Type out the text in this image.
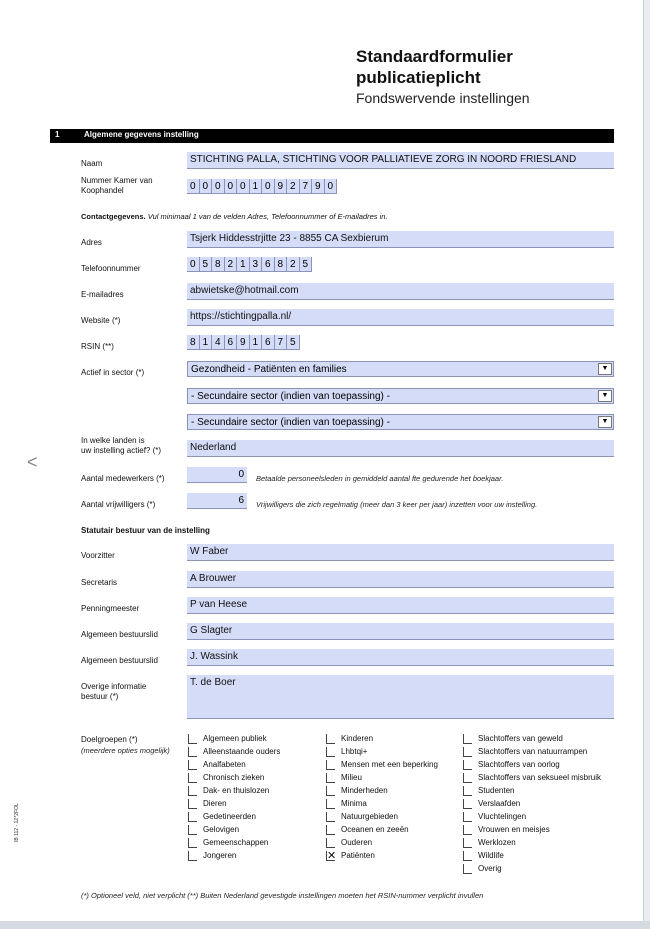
Standaardformulier
publicatieplicht
Fondswervende instellingen
1	Algemene gegevens instelling
Naam	STICHTING PALLA, STICHTING VOOR PALLIATIEVE ZORG IN NOORD FRIESLAND
Nummer Kamer van
Koophandel	0 0 0 0 0 1 0 9 2 7 9 0
Contactgegevens. Vul minimaal 1 van de velden Adres, Telefoonnummer of E-mailadres in.
Adres	Tsjerk Hiddesstrjitte 23 - 8855 CA Sexbierum
Telefoonnummer	0 5 8 2 1 3 6 8 2 5
E-mailadres	abwietske@hotmail.com
Website (*)	https://stichtingpalla.nl/
RSIN (**)	8 1 4 6 9 1 6 7 5
Actief in sector (*)	Gezondheid - Patiënten en families	▼
- Secundaire sector (indien van toepassing) -	▼
- Secundaire sector (indien van toepassing) -	▼
In welke landen is
uw instelling actief? (*)	Nederland
Aantal medewerkers (*)	0	Betaalde personeelsleden in gemiddeld aantal fte gedurende het boekjaar.
Aantal vrijwilligers (*)	6	Vrijwilligers die zich regelmatig (meer dan 3 keer per jaar) inzetten voor uw instelling.
Statutair bestuur van de instelling
Voorzitter	W Faber
Secretaris	A Brouwer
Penningmeester	P van Heese
Algemeen bestuurslid	G Slagter
Algemeen bestuurslid	J. Wassink
Overige informatie
bestuur (*)
T. de Boer
Doelgroepen (*)
(meerdere opties mogelijk)
Algemeen publiek
Alleenstaande ouders
Analfabeten
Chronisch zieken
Dak- en thuislozen
Dieren
Gedetineerden
Gelovigen
Gemeenschappen
Jongeren
Kinderen
Lhbtqi+
Mensen met een beperking
Milieu
Minderheden
Minima
Natuurgebieden
Oceanen en zeeën
Ouderen
✕
Patiënten
Slachtoffers van geweld
Slachtoffers van natuurrampen
Slachtoffers van oorlog
Slachtoffers van seksueel misbruik
Studenten
Verslaafden
Vluchtelingen
Vrouwen en meisjes
Werklozen
Wildlife
Overig
(*) Optioneel veld, niet verplicht (**) Buiten Nederland gevestigde instellingen moeten het RSIN-nummer verplicht invullen
IB 112 - 1Z*2FOL
<
